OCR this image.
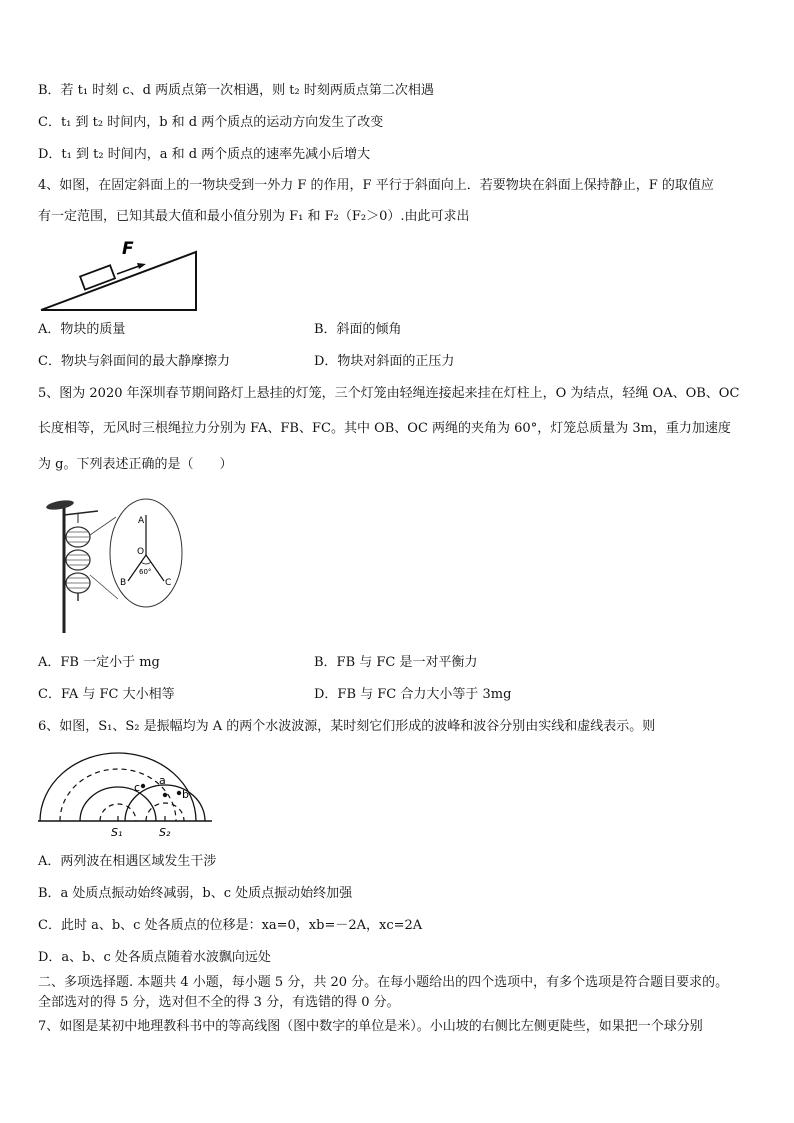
B．若 t₁ 时刻 c、d 两质点第一次相遇，则 t₂ 时刻两质点第二次相遇
C．t₁ 到 t₂ 时间内，b 和 d 两个质点的运动方向发生了改变
D．t₁ 到 t₂ 时间内，a 和 d 两个质点的速率先减小后增大
4、如图，在固定斜面上的一物块受到一外力 F 的作用，F 平行于斜面向上．若要物块在斜面上保持静止，F 的取值应
有一定范围，已知其最大值和最小值分别为 F₁ 和 F₂（F₂＞0）.由此可求出
F
A．物块的质量	B．斜面的倾角
C．物块与斜面间的最大静摩擦力	D．物块对斜面的正压力
5、图为 2020 年深圳春节期间路灯上悬挂的灯笼，三个灯笼由轻绳连接起来挂在灯柱上，O 为结点，轻绳 OA、OB、OC
长度相等，无风时三根绳拉力分别为 FA、FB、FC。其中 OB、OC 两绳的夹角为 60°，灯笼总质量为 3m，重力加速度
为 g。下列表述正确的是（　　）
A
O
B	C
60°
A．FB 一定小于 mg	B．FB 与 FC 是一对平衡力
C．FA 与 FC 大小相等	D．FB 与 FC 合力大小等于 3mg
6、如图，S₁、S₂ 是振幅均为 A 的两个水波波源，某时刻它们形成的波峰和波谷分别由实线和虚线表示。则
a
b
c
S₁	S₂
A．两列波在相遇区域发生干涉
B．a 处质点振动始终减弱，b、c 处质点振动始终加强
C．此时 a、b、c 处各质点的位移是：xa=0，xb=－2A，xc=2A
D．a、b、c 处各质点随着水波飘向远处
二、多项选择题. 本题共 4 小题，每小题 5 分，共 20 分。在每小题给出的四个选项中，有多个选项是符合题目要求的。
全部选对的得 5 分，选对但不全的得 3 分，有选错的得 0 分。
7、如图是某初中地理教科书中的等高线图（图中数字的单位是米）。小山坡的右侧比左侧更陡些，如果把一个球分别
